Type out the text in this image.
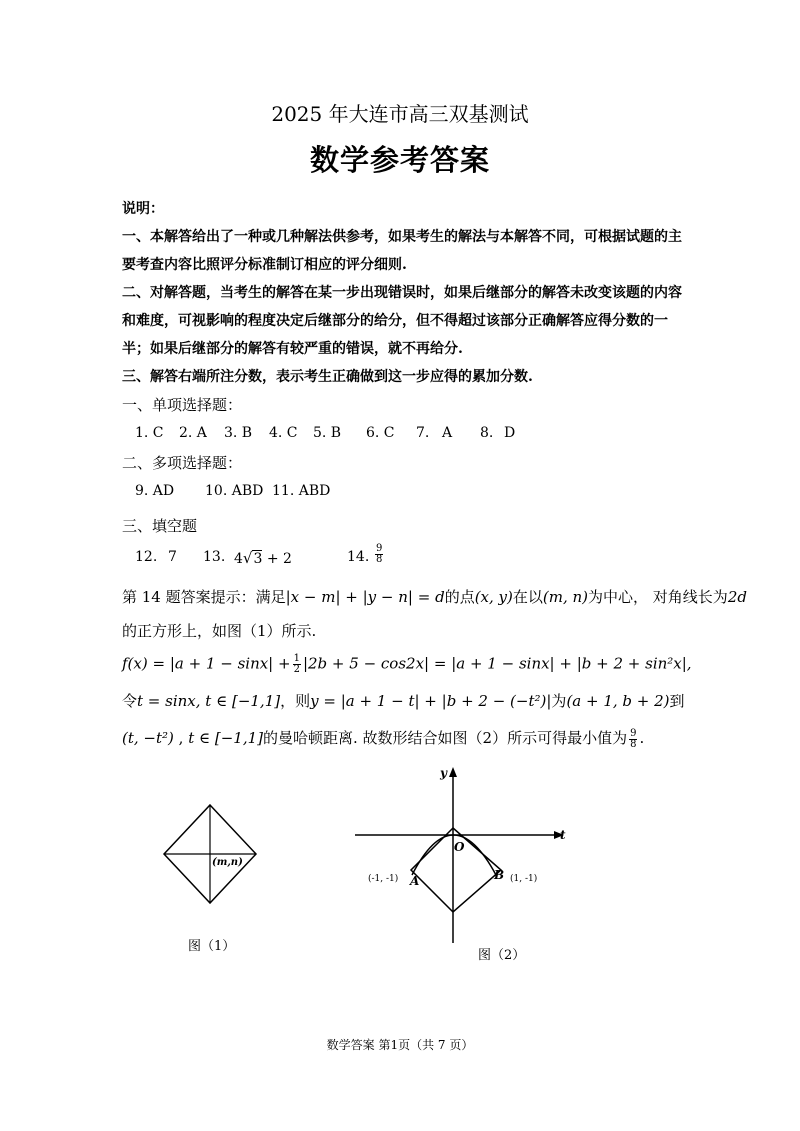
2025 年大连市高三双基测试
数学参考答案
说明：
一、本解答给出了一种或几种解法供参考，如果考生的解法与本解答不同，可根据试题的主
要考查内容比照评分标准制订相应的评分细则.
二、对解答题，当考生的解答在某一步出现错误时，如果后继部分的解答未改变该题的内容
和难度，可视影响的程度决定后继部分的给分，但不得超过该部分正确解答应得分数的一
半；如果后继部分的解答有较严重的错误，就不再给分.
三、解答右端所注分数，表示考生正确做到这一步应得的累加分数.
一、单项选择题：
1. C 2. A 3. B 4. C 5. B 6. C 7. A 8. D
二、多项选择题：
9. AD 10. ABD 11. ABD
三、填空题
12. 7 13. 4√3 + 2	14. $\frac{9}{8}$
第 14 题答案提示：满足|x − m| + |y − n| = d的点(x, y)在以(m, n)为中心， 对角线长为2d
的正方形上，如图（1）所示.
$f(x) = |a + 1 - \sin x| + \frac{1}{2} |2b + 5 - \cos 2x| = |a + 1 - \sin x| + |b + 2 + \sin^2x|$,
令t = sinx, t ∈ [−1,1]，则y = |a + 1 − t| + |b + 2 − (−t²)|为(a + 1, b + 2)到
(t, −t²) , t ∈ [−1,1]的曼哈顿距离. 故数形结合如图（2）所示可得最小值为 $\frac{9}{8}$ .
(m,n)
图（1）
y
t
O
(-1, -1) A	B (1, -1)
图（2）
数学答案 第1页（共 7 页）
